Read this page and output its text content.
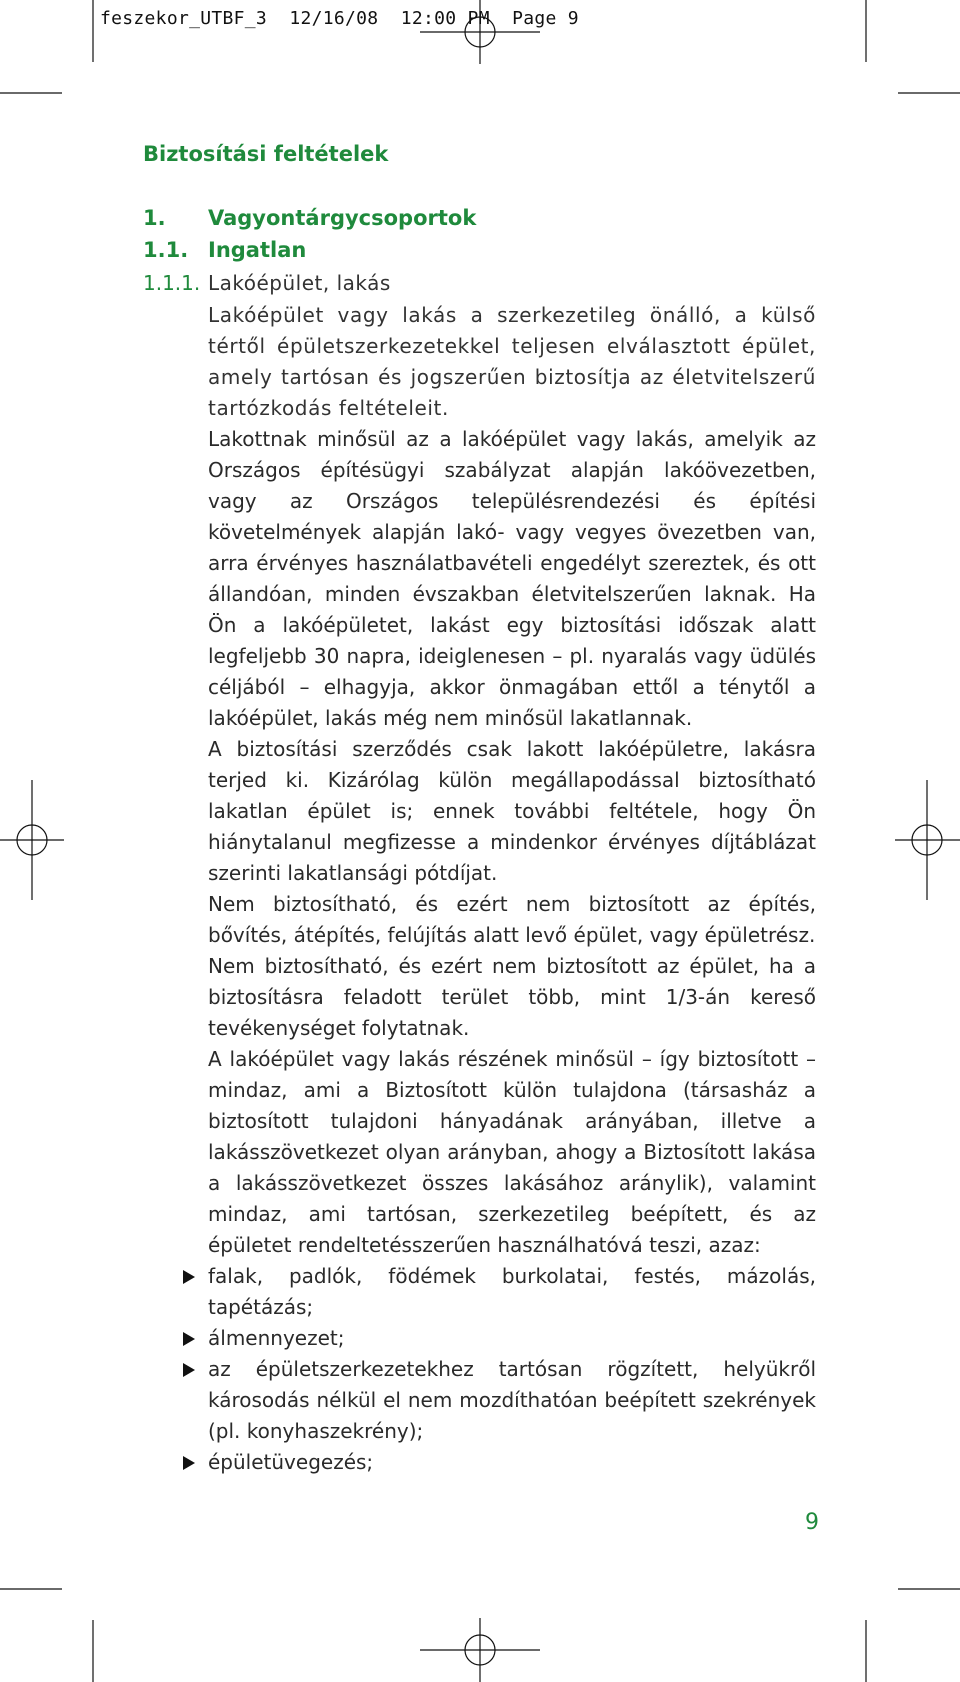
feszekor_UTBF_3  12/16/08  12:00 PM  Page 9
Biztosítási feltételek
1. Vagyontárgycsoportok
1.1. Ingatlan
1.1.1. Lakóépület, lakás

Lakóépület vagy lakás a szerkezetileg önálló, a külső tértől épületszerkezetekkel teljesen elválasztott épület, amely tartósan és jogszerűen biztosítja az életvitelszerű tartózkodás feltételeit.

Lakottnak minősül az a lakóépület vagy lakás, amelyik az Országos építésügyi szabályzat alapján lakóövezetben, vagy az Országos településrendezési és építési követelmények alapján lakó- vagy vegyes övezetben van, arra érvényes használatbavételi engedélyt szereztek, és ott állandóan, minden évszakban életvitelszerűen laknak. Ha Ön a lakóépületet, lakást egy biztosítási időszak alatt legfeljebb 30 napra, ideiglenesen – pl. nyaralás vagy üdülés céljából – elhagyja, akkor önmagában ettől a ténytől a lakóépület, lakás még nem minősül lakatlannak.

A biztosítási szerződés csak lakott lakóépületre, lakásra terjed ki. Kizárólag külön megállapodással biztosítható lakatlan épület is; ennek további feltétele, hogy Ön hiánytalanul megfizesse a mindenkor érvényes díjtáblázat szerinti lakatlansági pótdíjat.

Nem biztosítható, és ezért nem biztosított az építés, bővítés, átépítés, felújítás alatt levő épület, vagy épületrész.

Nem biztosítható, és ezért nem biztosított az épület, ha a biztosításra feladott terület több, mint 1/3-án kereső tevékenységet folytatnak.

A lakóépület vagy lakás részének minősül – így biztosított – mindaz, ami a Biztosított külön tulajdona (társasház a biztosított tulajdoni hányadának arányában, illetve a lakásszövetkezet olyan arányban, ahogy a Biztosított lakása a lakásszövetkezet összes lakásához aránylik), valamint mindaz, ami tartósan, szerkezetileg beépített, és az épületet rendeltetésszerűen használhatóvá teszi, azaz:

falak, padlók, födémek burkolatai, festés, mázolás, tapétázás;
álmennyezet;
az épületszerkezetekhez tartósan rögzített, helyükről károsodás nélkül el nem mozdíthatóan beépített szekrények (pl. konyhaszekrény);
épületüvegezés;
9
